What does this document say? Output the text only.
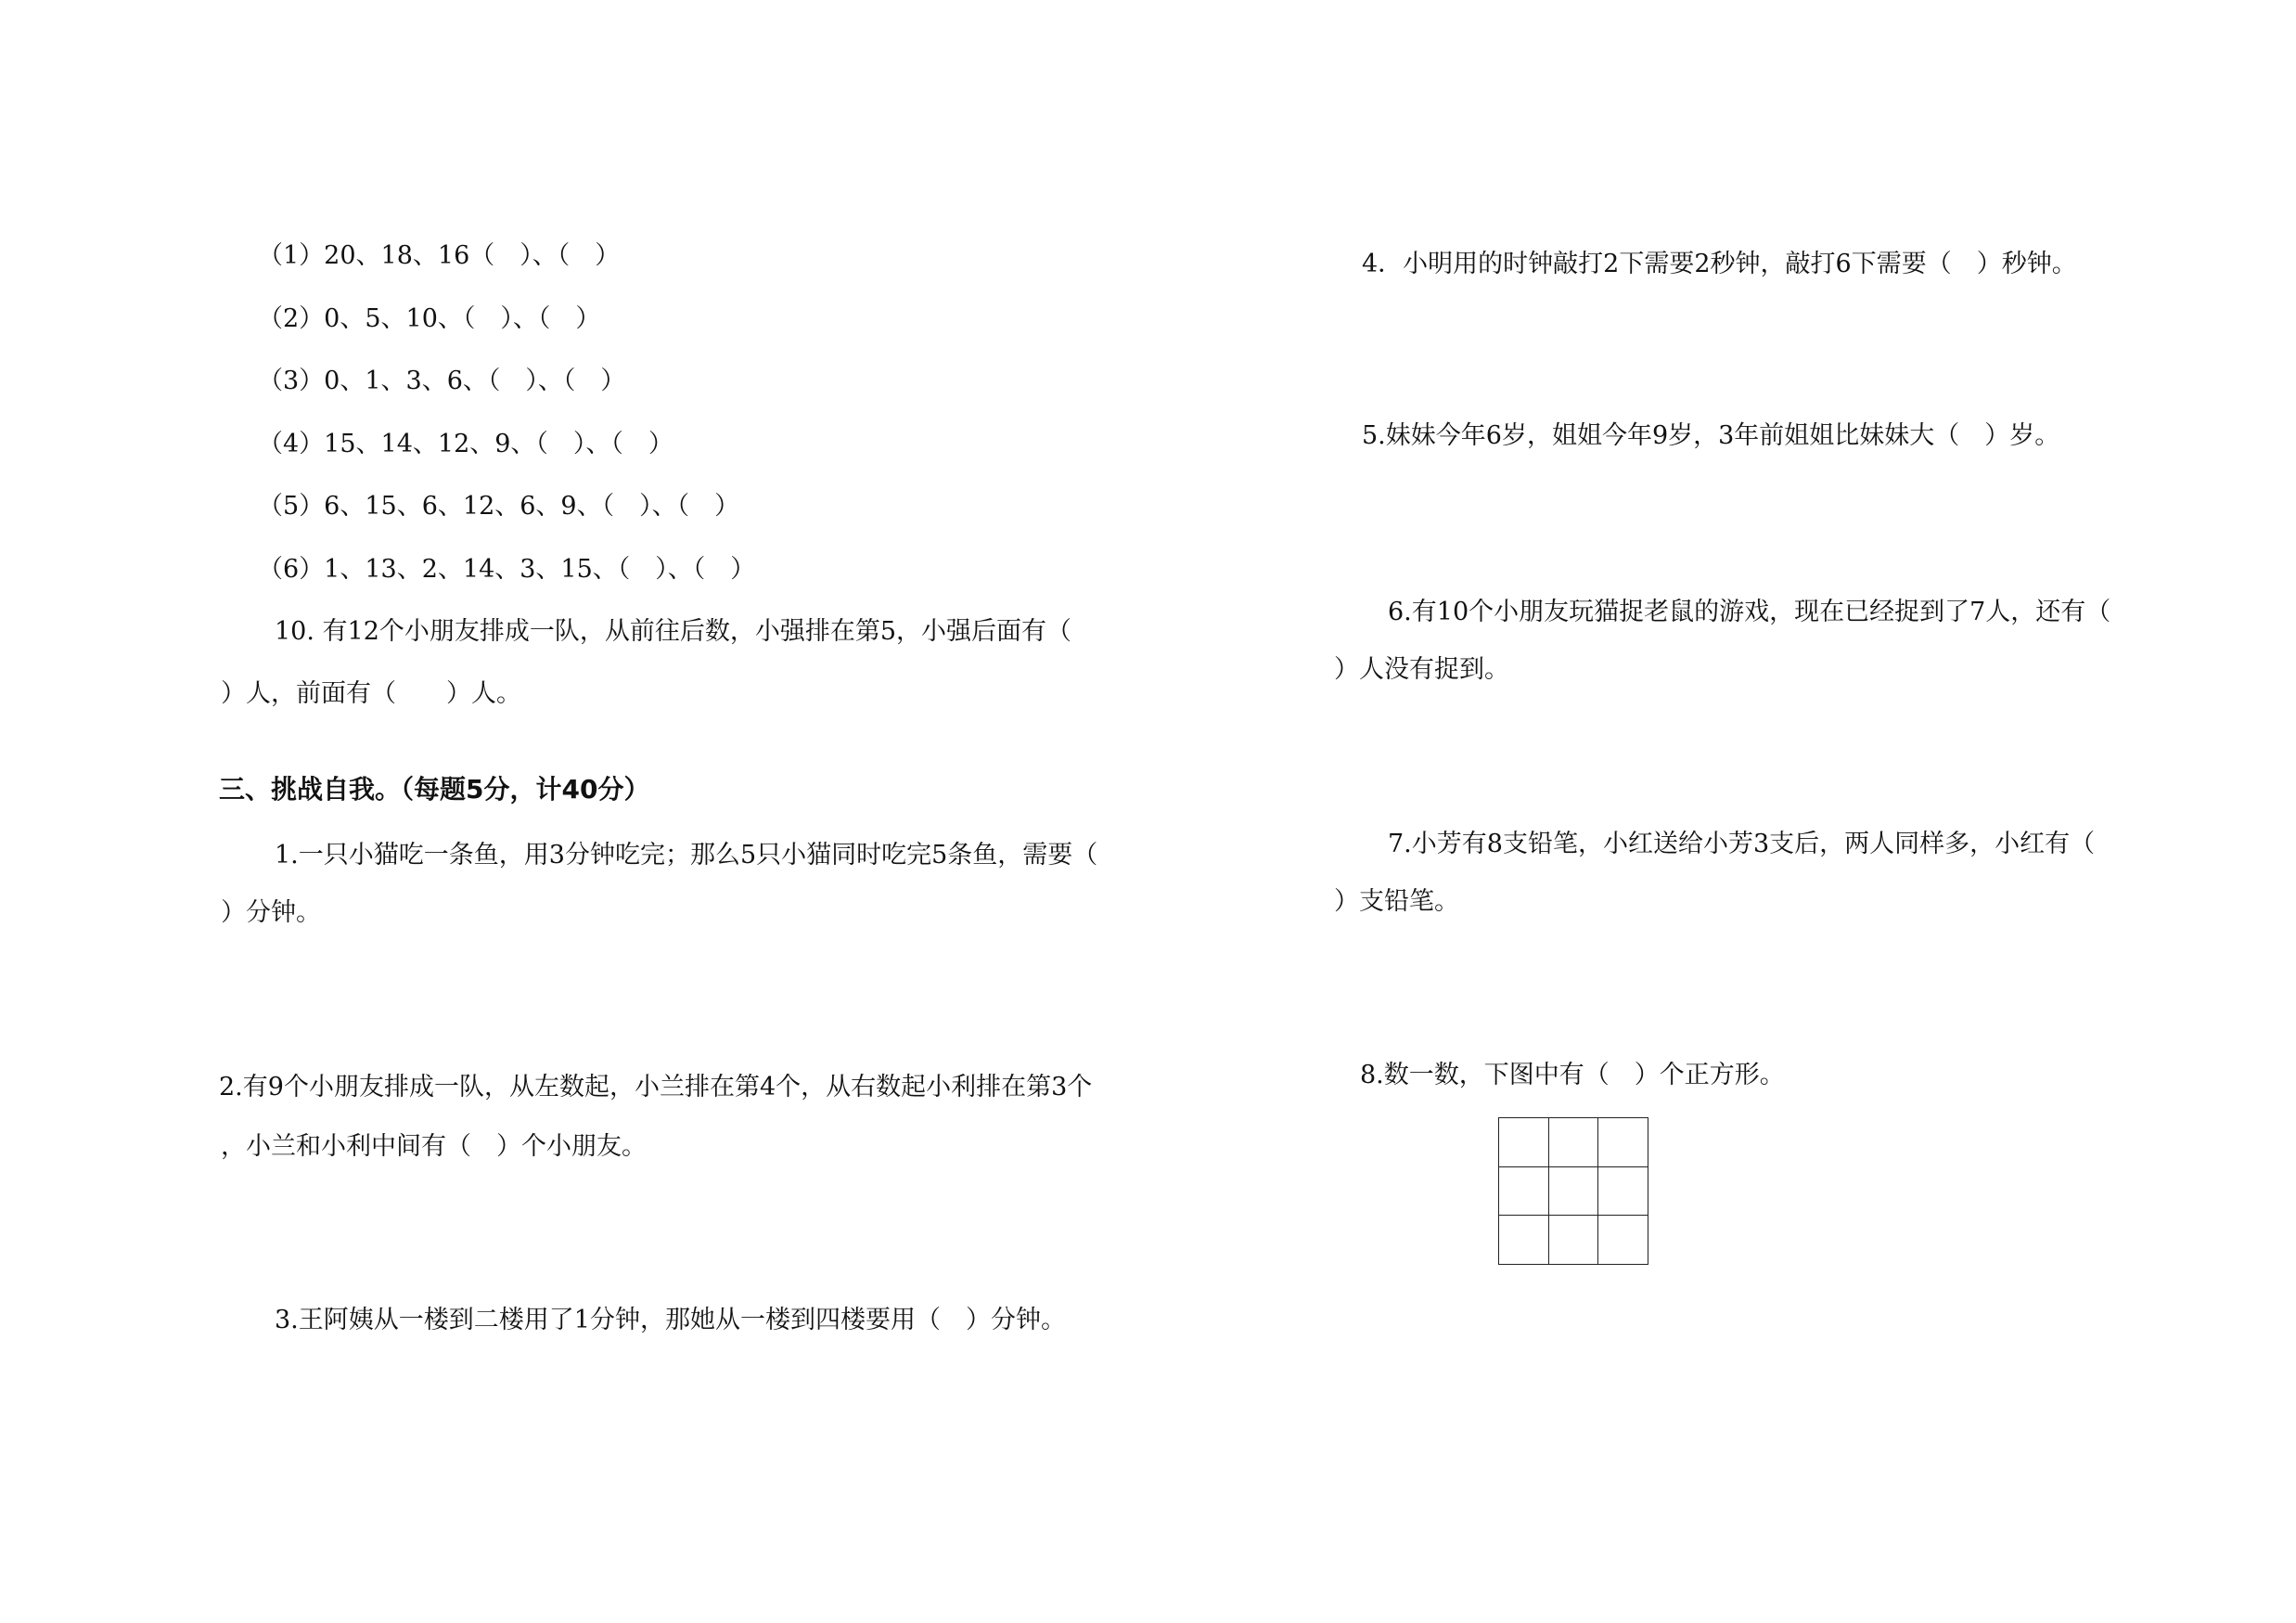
（1）20、18、16（　）、（　）
（2）0、5、10、（　）、（　）
（3）0、1、3、6、（　）、（　）
（4）15、14、12、9、（　）、（　）
（5）6、15、6、12、6、9、（　）、（　）
（6）1、13、2、14、3、15、（　）、（　）
10. 有12个小朋友排成一队，从前往后数，小强排在第5，小强后面有（
）人，前面有（　　）人。
三、挑战自我。（每题5分，计40分）
1.一只小猫吃一条鱼，用3分钟吃完；那么5只小猫同时吃完5条鱼，需要（
）分钟。
2.有9个小朋友排成一队，从左数起，小兰排在第4个，从右数起小利排在第3个
，小兰和小利中间有（　）个小朋友。
3.王阿姨从一楼到二楼用了1分钟，那她从一楼到四楼要用（　）分钟。
4．小明用的时钟敲打2下需要2秒钟，敲打6下需要（　）秒钟。
5.妹妹今年6岁，姐姐今年9岁，3年前姐姐比妹妹大（　）岁。
6.有10个小朋友玩猫捉老鼠的游戏，现在已经捉到了7人，还有（
）人没有捉到。
7.小芳有8支铅笔，小红送给小芳3支后，两人同样多，小红有（
）支铅笔。
8.数一数，下图中有（　）个正方形。
